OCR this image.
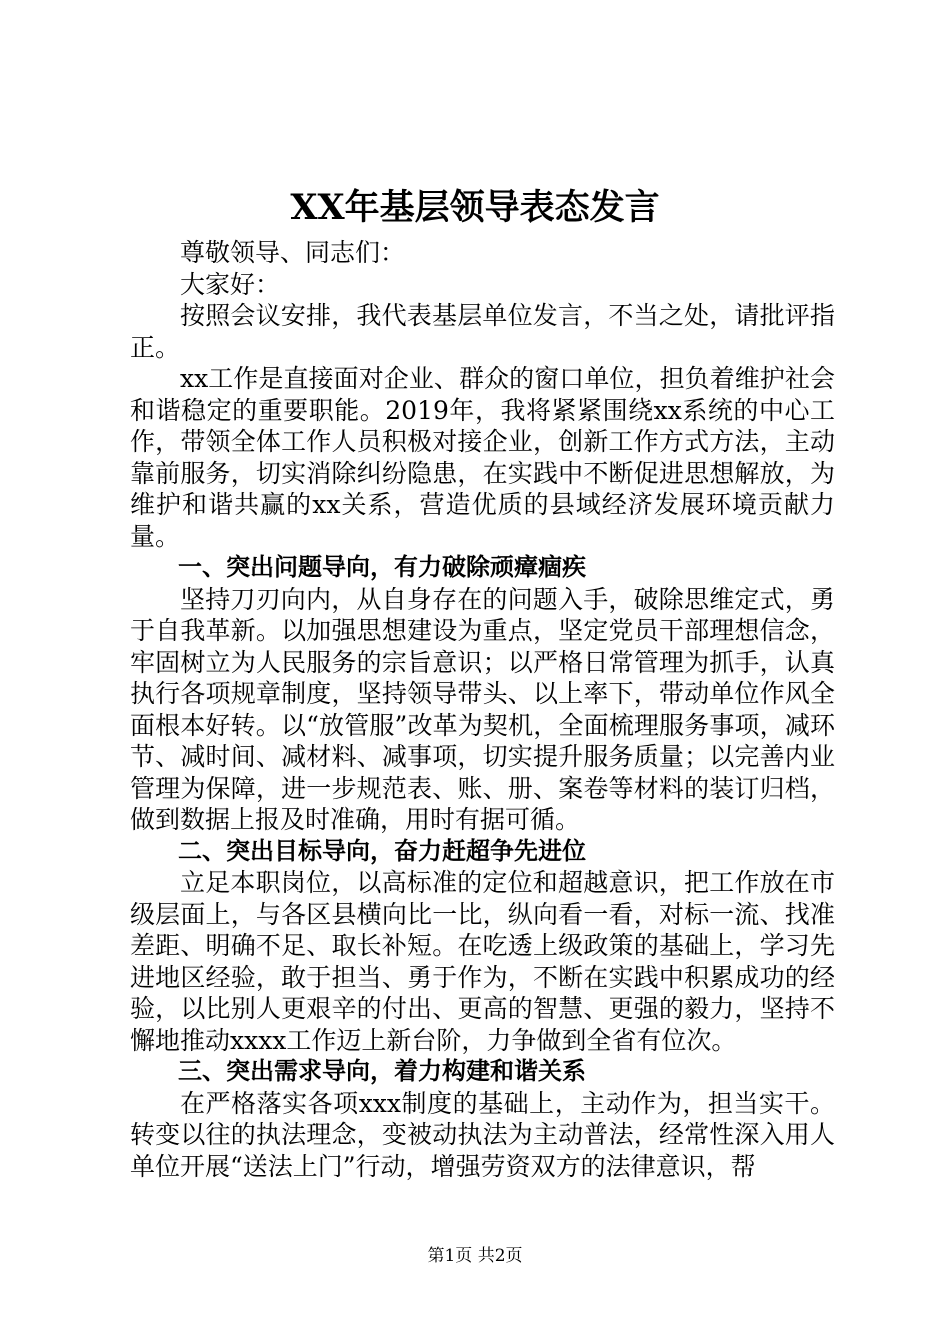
XX年基层领导表态发言

尊敬领导、同志们：

大家好：

按照会议安排，我代表基层单位发言，不当之处，请批评指正。

xx工作是直接面对企业、群众的窗口单位，担负着维护社会和谐稳定的重要职能。2019年，我将紧紧围绕xx系统的中心工作，带领全体工作人员积极对接企业，创新工作方式方法，主动靠前服务，切实消除纠纷隐患，在实践中不断促进思想解放，为维护和谐共赢的xx关系，营造优质的县域经济发展环境贡献力量。

一、突出问题导向，有力破除顽瘴痼疾

坚持刀刃向内，从自身存在的问题入手，破除思维定式，勇于自我革新。以加强思想建设为重点，坚定党员干部理想信念，牢固树立为人民服务的宗旨意识；以严格日常管理为抓手，认真执行各项规章制度，坚持领导带头、以上率下，带动单位作风全面根本好转。以“放管服”改革为契机，全面梳理服务事项，减环节、减时间、减材料、减事项，切实提升服务质量；以完善内业管理为保障，进一步规范表、账、册、案卷等材料的装订归档，做到数据上报及时准确，用时有据可循。

二、突出目标导向，奋力赶超争先进位

立足本职岗位，以高标准的定位和超越意识，把工作放在市级层面上，与各区县横向比一比，纵向看一看，对标一流、找准差距、明确不足、取长补短。在吃透上级政策的基础上，学习先进地区经验，敢于担当、勇于作为，不断在实践中积累成功的经验，以比别人更艰辛的付出、更高的智慧、更强的毅力，坚持不懈地推动xxxx工作迈上新台阶，力争做到全省有位次。

三、突出需求导向，着力构建和谐关系

在严格落实各项xxx制度的基础上，主动作为，担当实干。转变以往的执法理念，变被动执法为主动普法，经常性深入用人单位开展“送法上门”行动，增强劳资双方的法律意识，帮

第1页 共2页
